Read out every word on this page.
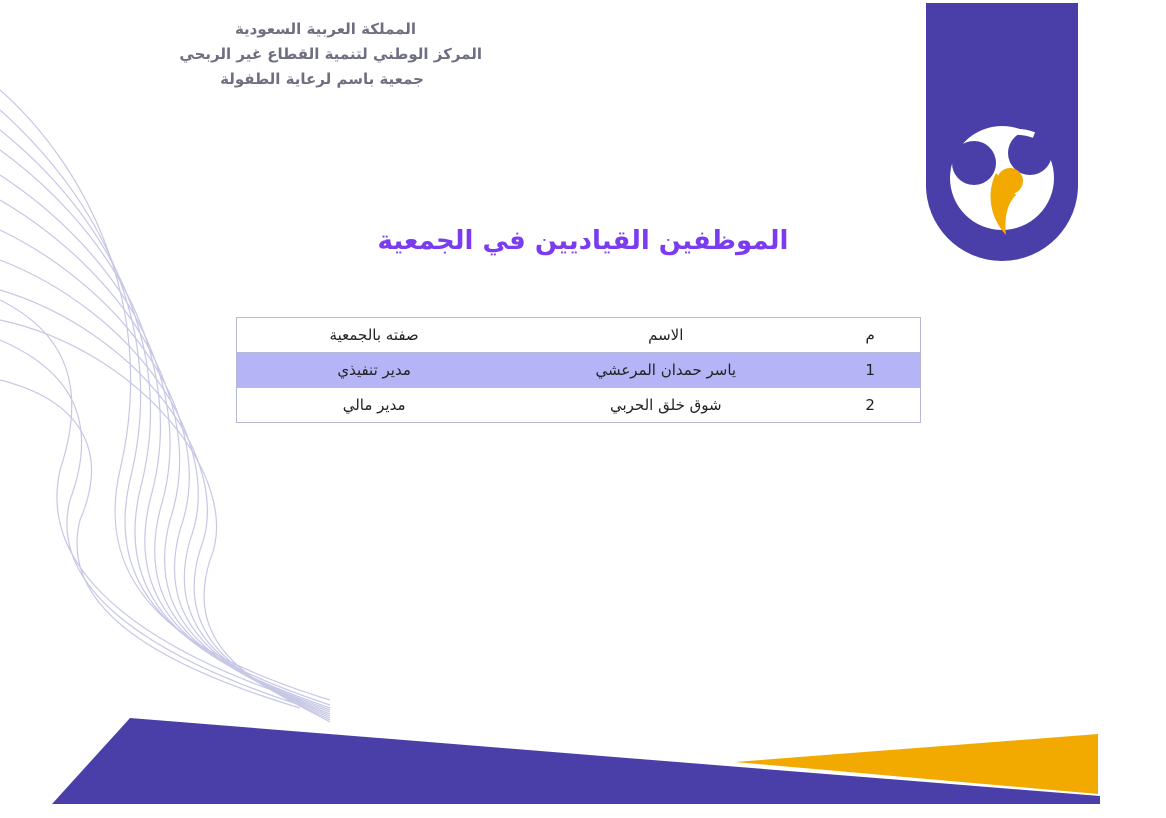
المملكة العربية السعودية
المركز الوطني لتنمية القطاع غير الربحي
جمعية باسم لرعاية الطفولة
الموظفين القياديين في الجمعية
م	الاسم	صفته بالجمعية
1	ياسر حمدان المرعشي	مدير تنفيذي
2	شوق خلق الحربي	مدير مالي
